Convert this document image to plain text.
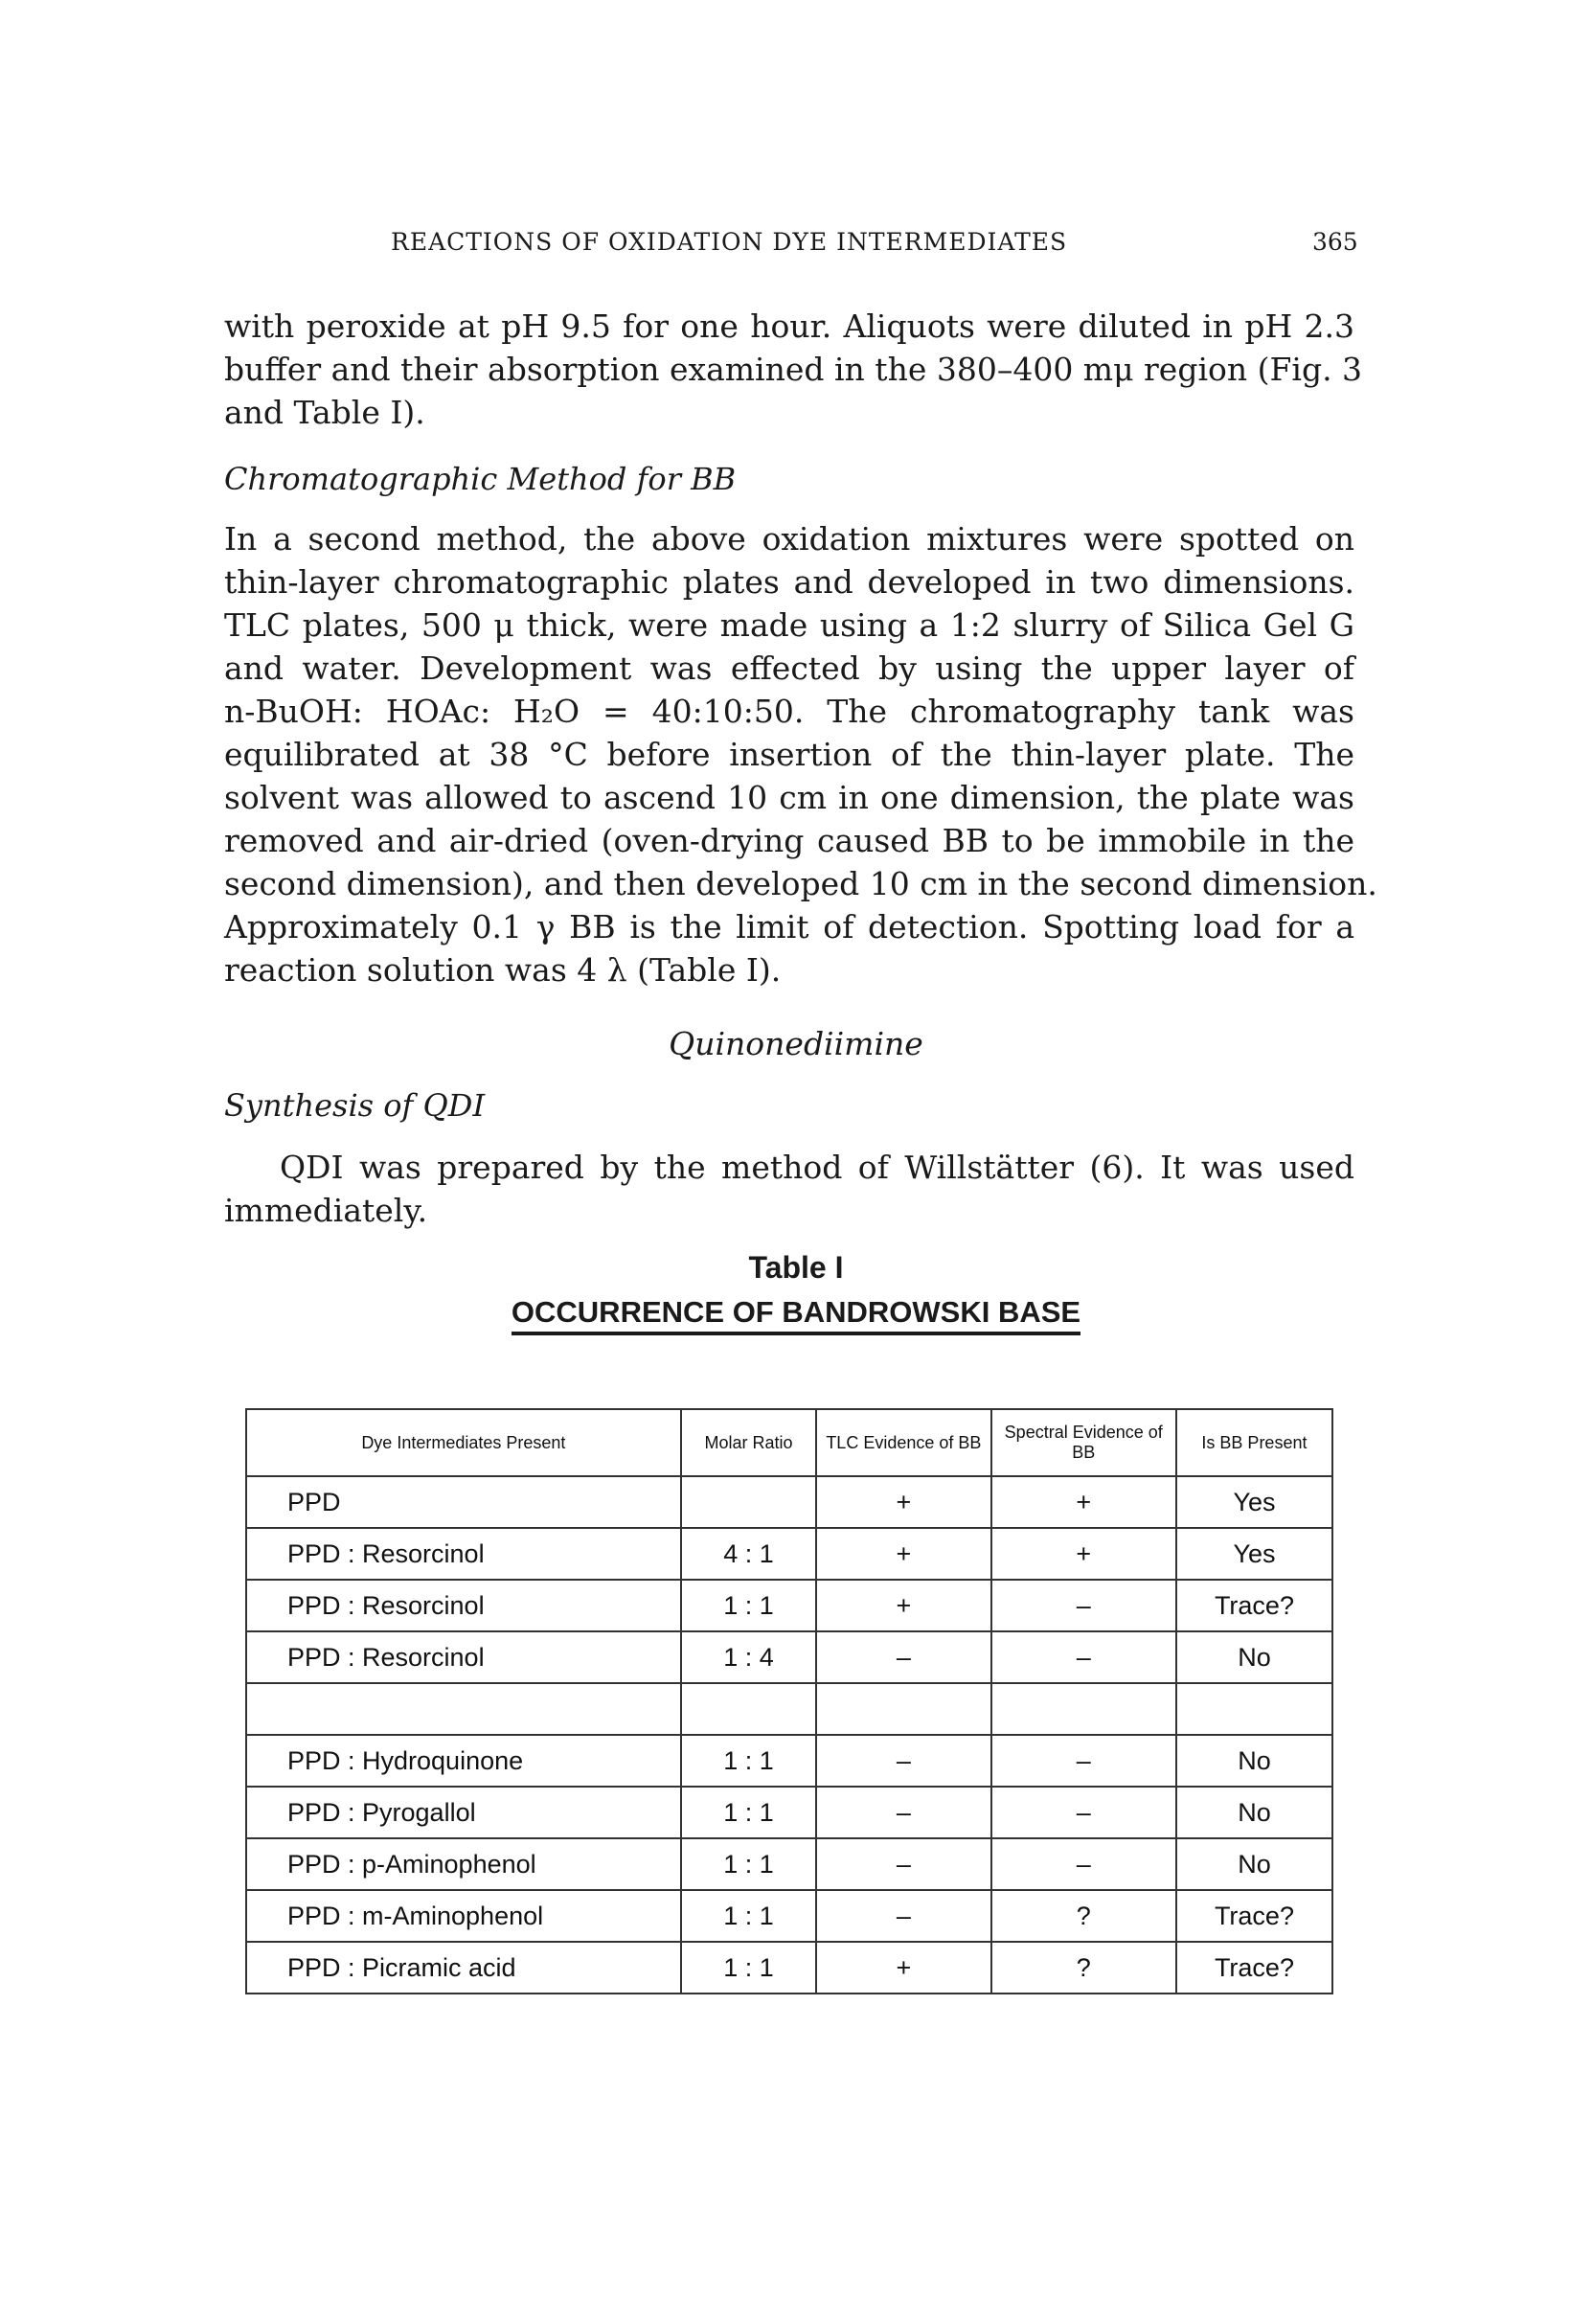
REACTIONS OF OXIDATION DYE INTERMEDIATES	365
with peroxide at pH 9.5 for one hour. Aliquots were diluted in pH 2.3
buffer and their absorption examined in the 380–400 mμ region (Fig. 3
and Table I).
Chromatographic Method for BB
In a second method, the above oxidation mixtures were spotted on
thin-layer chromatographic plates and developed in two dimensions.
TLC plates, 500 μ thick, were made using a 1:2 slurry of Silica Gel G
and water. Development was effected by using the upper layer of
n-BuOH: HOAc: H₂O = 40:10:50. The chromatography tank was
equilibrated at 38 °C before insertion of the thin-layer plate. The
solvent was allowed to ascend 10 cm in one dimension, the plate was
removed and air-dried (oven-drying caused BB to be immobile in the
second dimension), and then developed 10 cm in the second dimension.
Approximately 0.1 γ BB is the limit of detection. Spotting load for a
reaction solution was 4 λ (Table I).
Quinonediimine
Synthesis of QDI
QDI was prepared by the method of Willstätter (6). It was used
immediately.
Table I
OCCURRENCE OF BANDROWSKI BASE
Dye Intermediates Present	Molar Ratio	TLC Evidence of BB	Spectral Evidence of BB	Is BB Present
PPD		+	+	Yes
PPD : Resorcinol	4 : 1	+	+	Yes
PPD : Resorcinol	1 : 1	+	–	Trace?
PPD : Resorcinol	1 : 4	–	–	No

PPD : Hydroquinone	1 : 1	–	–	No
PPD : Pyrogallol	1 : 1	–	–	No
PPD : p-Aminophenol	1 : 1	–	–	No
PPD : m-Aminophenol	1 : 1	–	?	Trace?
PPD : Picramic acid	1 : 1	+	?	Trace?
